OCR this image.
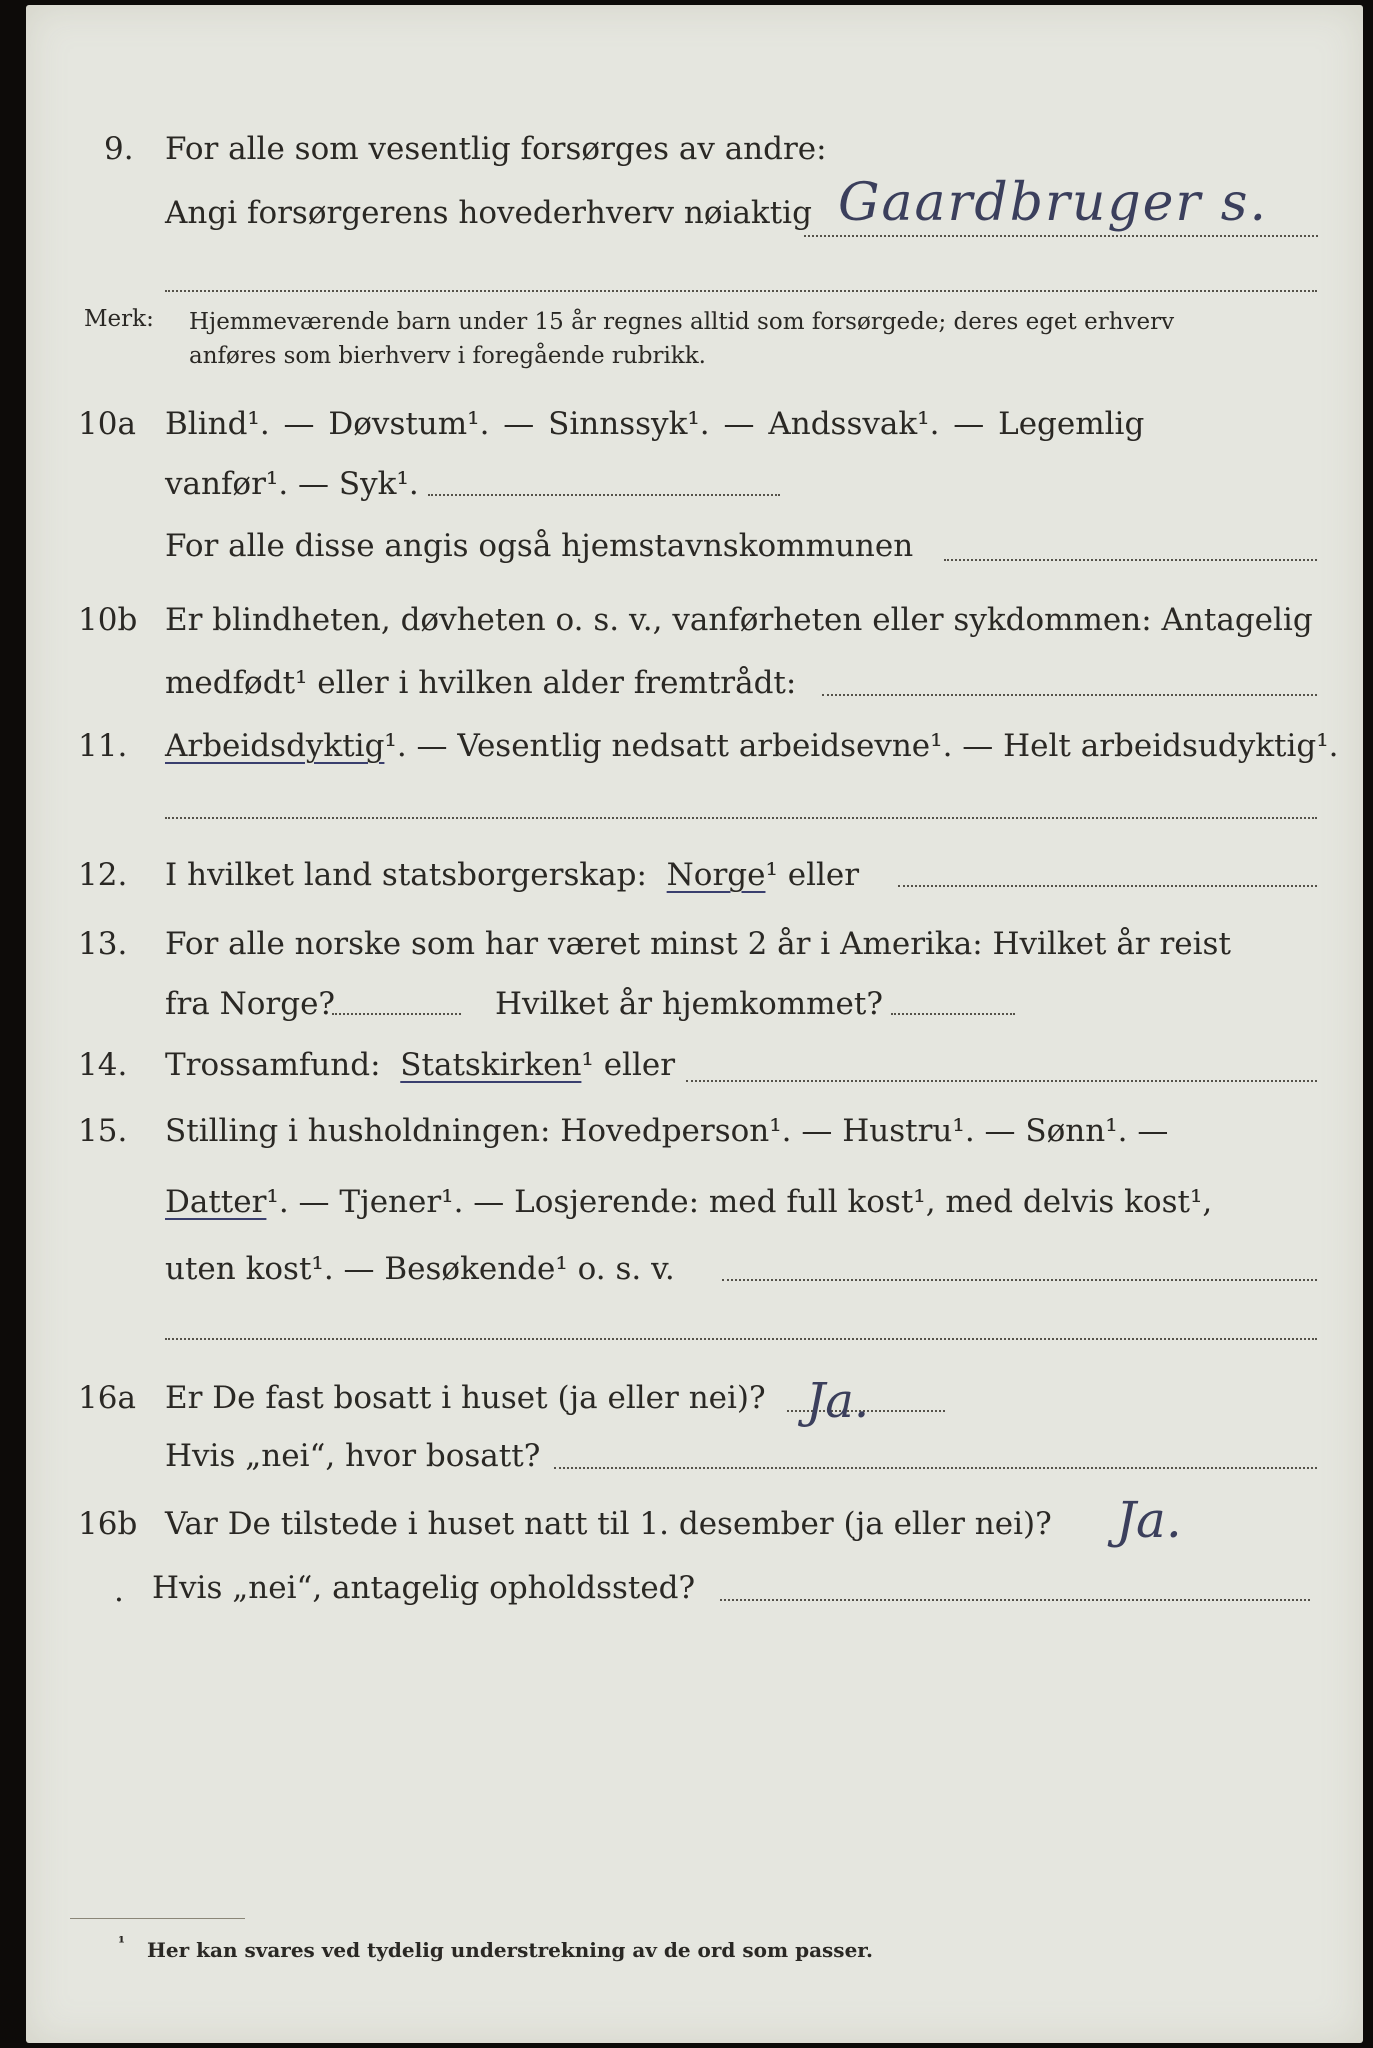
9. For alle som vesentlig forsørges av andre:
Angi forsørgerens hovederhverv nøiaktig Gaardbruger s.
Merk: Hjemmeværende barn under 15 år regnes alltid som forsørgede; deres eget erhverv
anføres som bierhverv i foregående rubrikk.
10a Blind¹. — Døvstum¹. — Sinnssyk¹. — Andssvak¹. — Legemlig
vanfør¹. — Syk¹.
For alle disse angis også hjemstavnskommunen
10b Er blindheten, døvheten o. s. v., vanførheten eller sykdommen: Antagelig
medfødt¹ eller i hvilken alder fremtrådt:
11. Arbeidsdyktig¹. — Vesentlig nedsatt arbeidsevne¹. — Helt arbeidsudyktig¹.
12. I hvilket land statsborgerskap: Norge¹ eller
13. For alle norske som har været minst 2 år i Amerika: Hvilket år reist
fra Norge?	Hvilket år hjemkommet?
14. Trossamfund: Statskirken¹ eller
15. Stilling i husholdningen: Hovedperson¹. — Hustru¹. — Sønn¹. —
Datter¹. — Tjener¹. — Losjerende: med full kost¹, med delvis kost¹,
uten kost¹. — Besøkende¹ o. s. v.
16a Er De fast bosatt i huset (ja eller nei)? Ja.
Hvis „nei“, hvor bosatt?
16b Var De tilstede i huset natt til 1. desember (ja eller nei)? Ja.
. Hvis „nei“, antagelig opholdssted?
¹ Her kan svares ved tydelig understrekning av de ord som passer.
